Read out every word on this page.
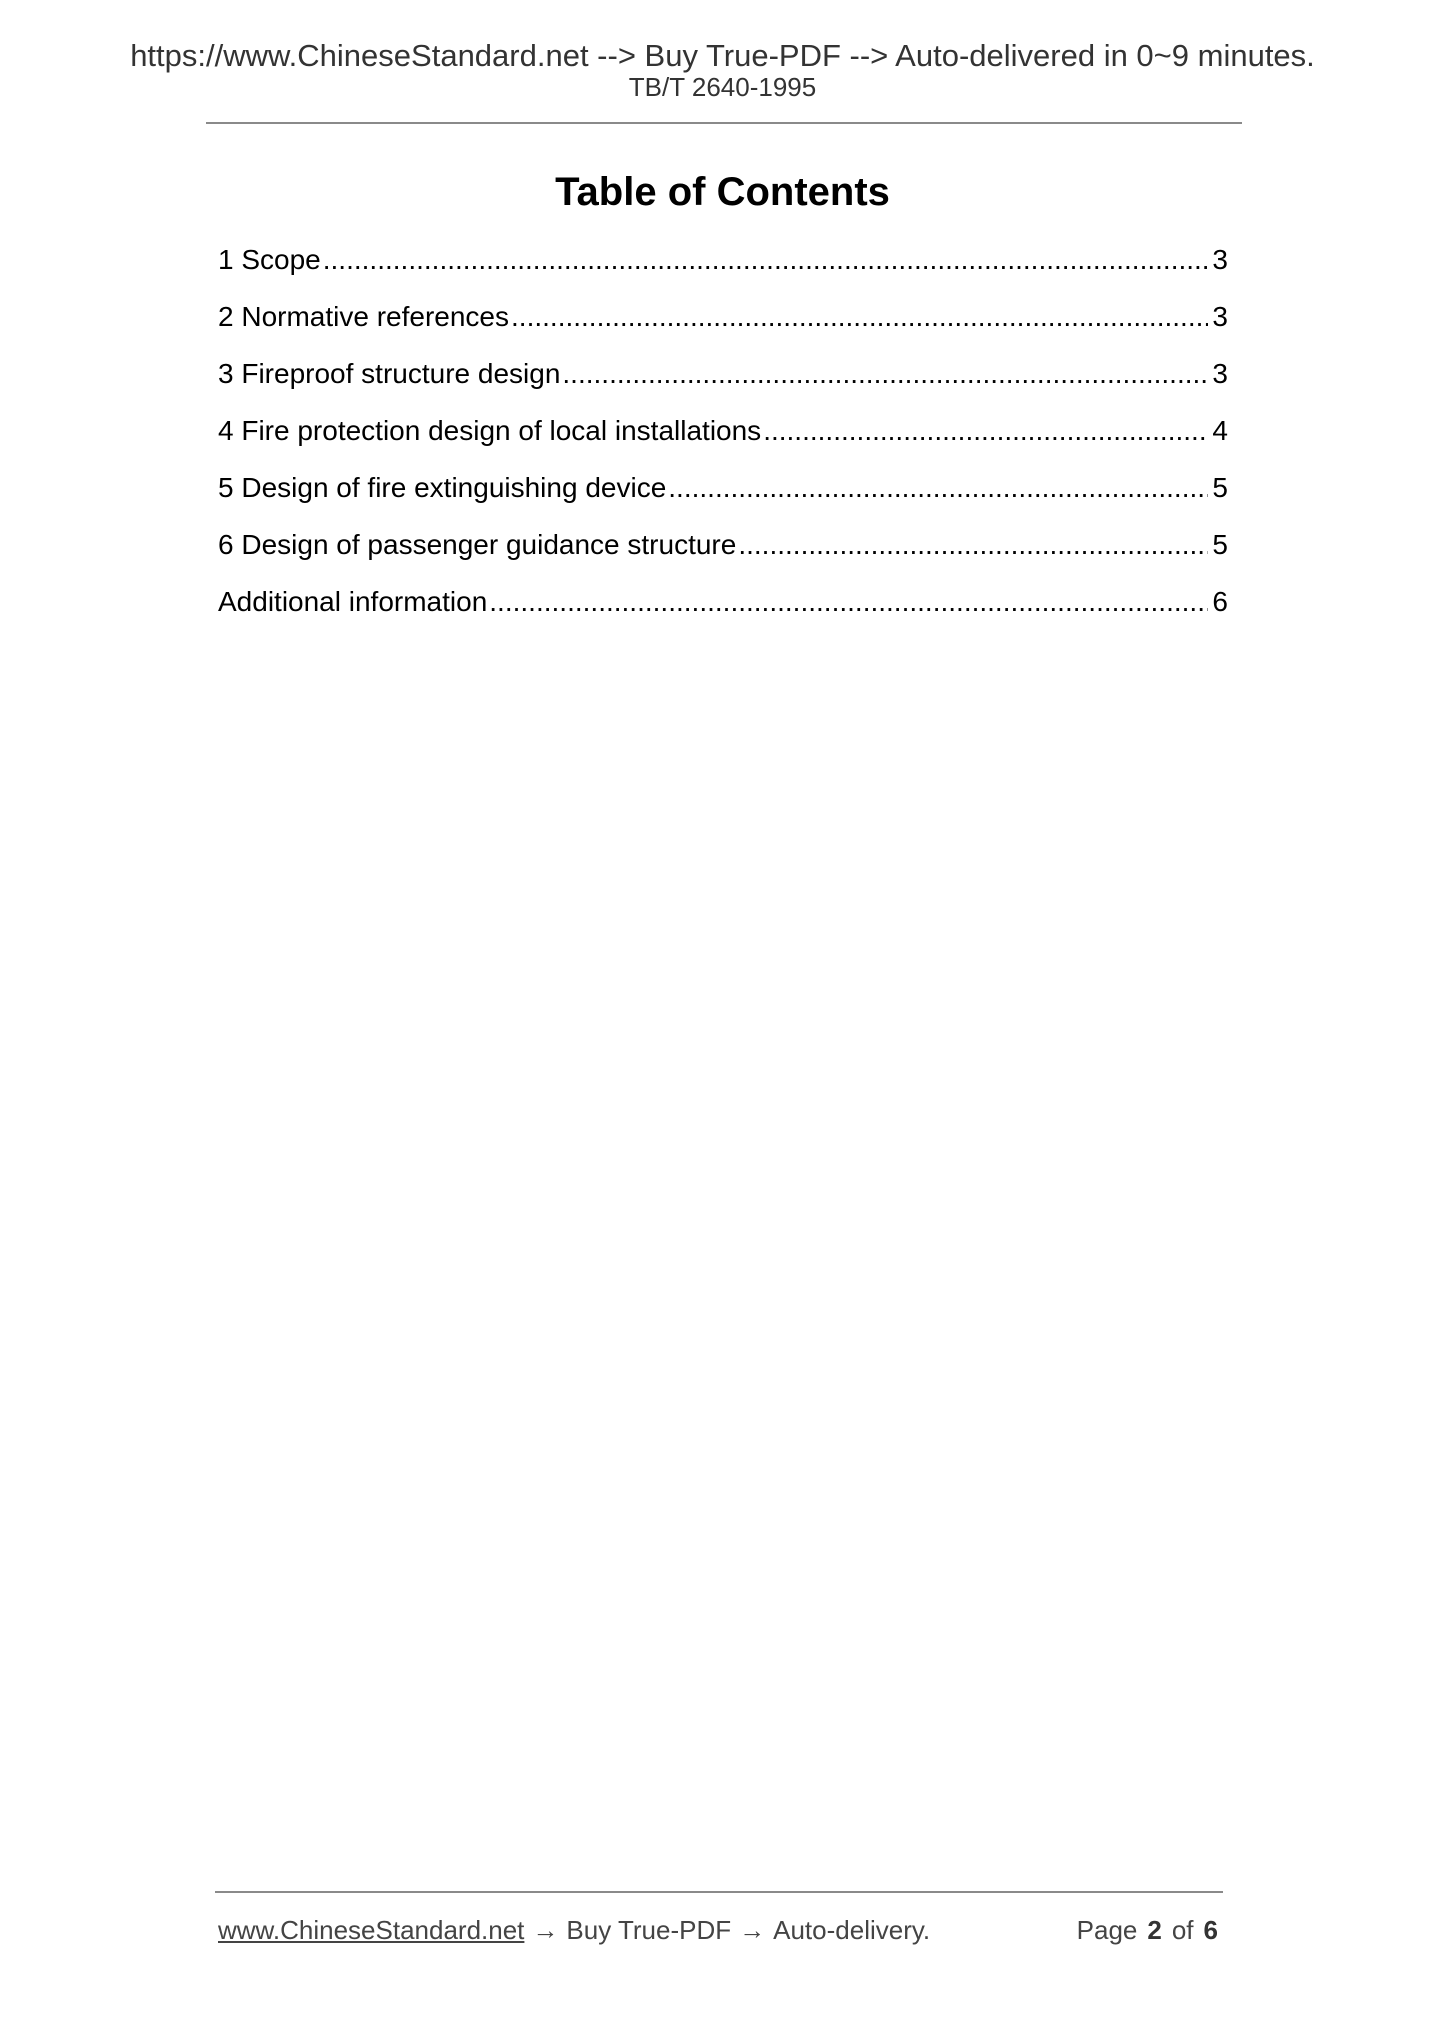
https://www.ChineseStandard.net --> Buy True-PDF --> Auto-delivered in 0~9 minutes.
TB/T 2640-1995
Table of Contents
1 Scope .....	3
2 Normative references .....	3
3 Fireproof structure design .....	3
4 Fire protection design of local installations .....	4
5 Design of fire extinguishing device .....	5
6 Design of passenger guidance structure .....	5
Additional information .....	6
www.ChineseStandard.net → Buy True-PDF → Auto-delivery.	Page 2 of 6
